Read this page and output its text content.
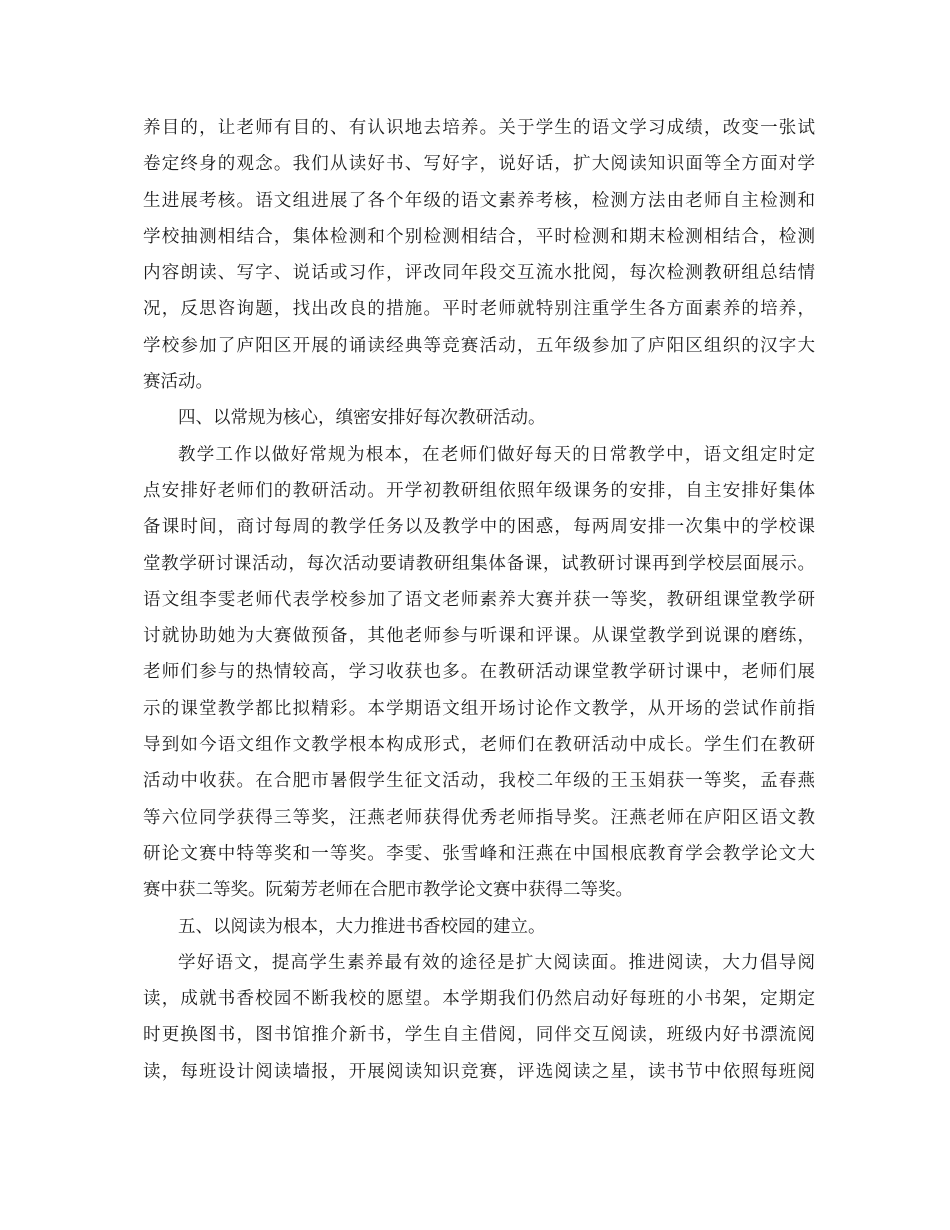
养目的，让老师有目的、有认识地去培养。关于学生的语文学习成绩，改变一张试
卷定终身的观念。我们从读好书、写好字，说好话，扩大阅读知识面等全方面对学
生进展考核。语文组进展了各个年级的语文素养考核，检测方法由老师自主检测和
学校抽测相结合，集体检测和个别检测相结合，平时检测和期末检测相结合，检测
内容朗读、写字、说话或习作，评改同年段交互流水批阅，每次检测教研组总结情
况，反思咨询题，找出改良的措施。平时老师就特别注重学生各方面素养的培养，
学校参加了庐阳区开展的诵读经典等竞赛活动，五年级参加了庐阳区组织的汉字大
赛活动。
四、以常规为核心，缜密安排好每次教研活动。
教学工作以做好常规为根本，在老师们做好每天的日常教学中，语文组定时定
点安排好老师们的教研活动。开学初教研组依照年级课务的安排，自主安排好集体
备课时间，商讨每周的教学任务以及教学中的困惑，每两周安排一次集中的学校课
堂教学研讨课活动，每次活动要请教研组集体备课，试教研讨课再到学校层面展示。
语文组李雯老师代表学校参加了语文老师素养大赛并获一等奖，教研组课堂教学研
讨就协助她为大赛做预备，其他老师参与听课和评课。从课堂教学到说课的磨练，
老师们参与的热情较高，学习收获也多。在教研活动课堂教学研讨课中，老师们展
示的课堂教学都比拟精彩。本学期语文组开场讨论作文教学，从开场的尝试作前指
导到如今语文组作文教学根本构成形式，老师们在教研活动中成长。学生们在教研
活动中收获。在合肥市暑假学生征文活动，我校二年级的王玉娟获一等奖，孟春燕
等六位同学获得三等奖，汪燕老师获得优秀老师指导奖。汪燕老师在庐阳区语文教
研论文赛中特等奖和一等奖。李雯、张雪峰和汪燕在中国根底教育学会教学论文大
赛中获二等奖。阮菊芳老师在合肥市教学论文赛中获得二等奖。
五、以阅读为根本，大力推进书香校园的建立。
学好语文，提高学生素养最有效的途径是扩大阅读面。推进阅读，大力倡导阅
读，成就书香校园不断我校的愿望。本学期我们仍然启动好每班的小书架，定期定
时更换图书，图书馆推介新书，学生自主借阅，同伴交互阅读，班级内好书漂流阅
读，每班设计阅读墙报，开展阅读知识竞赛，评选阅读之星，读书节中依照每班阅
